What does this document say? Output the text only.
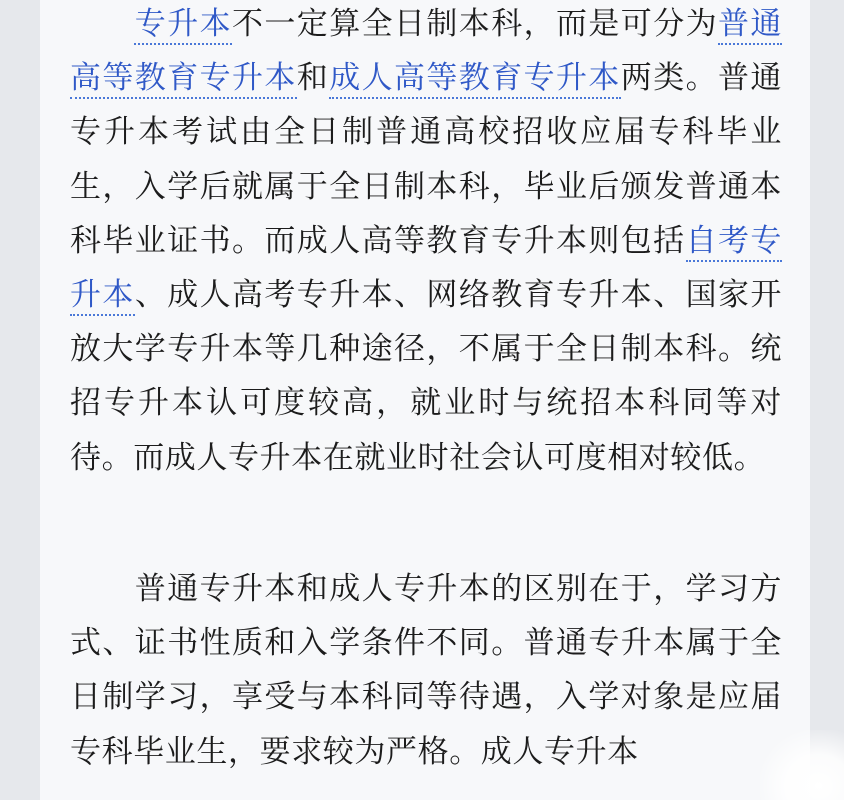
专升本不一定算全日制本科，而是可分为普通高等教育专升本和成人高等教育专升本两类。普通专升本考试由全日制普通高校招收应届专科毕业生，入学后就属于全日制本科，毕业后颁发普通本科毕业证书。而成人高等教育专升本则包括自考专升本、成人高考专升本、网络教育专升本、国家开放大学专升本等几种途径，不属于全日制本科。统招专升本认可度较高，就业时与统招本科同等对待。而成人专升本在就业时社会认可度相对较低。
普通专升本和成人专升本的区别在于，学习方式、证书性质和入学条件不同。普通专升本属于全日制学习，享受与本科同等待遇，入学对象是应届专科毕业生，要求较为严格。成人专升本
